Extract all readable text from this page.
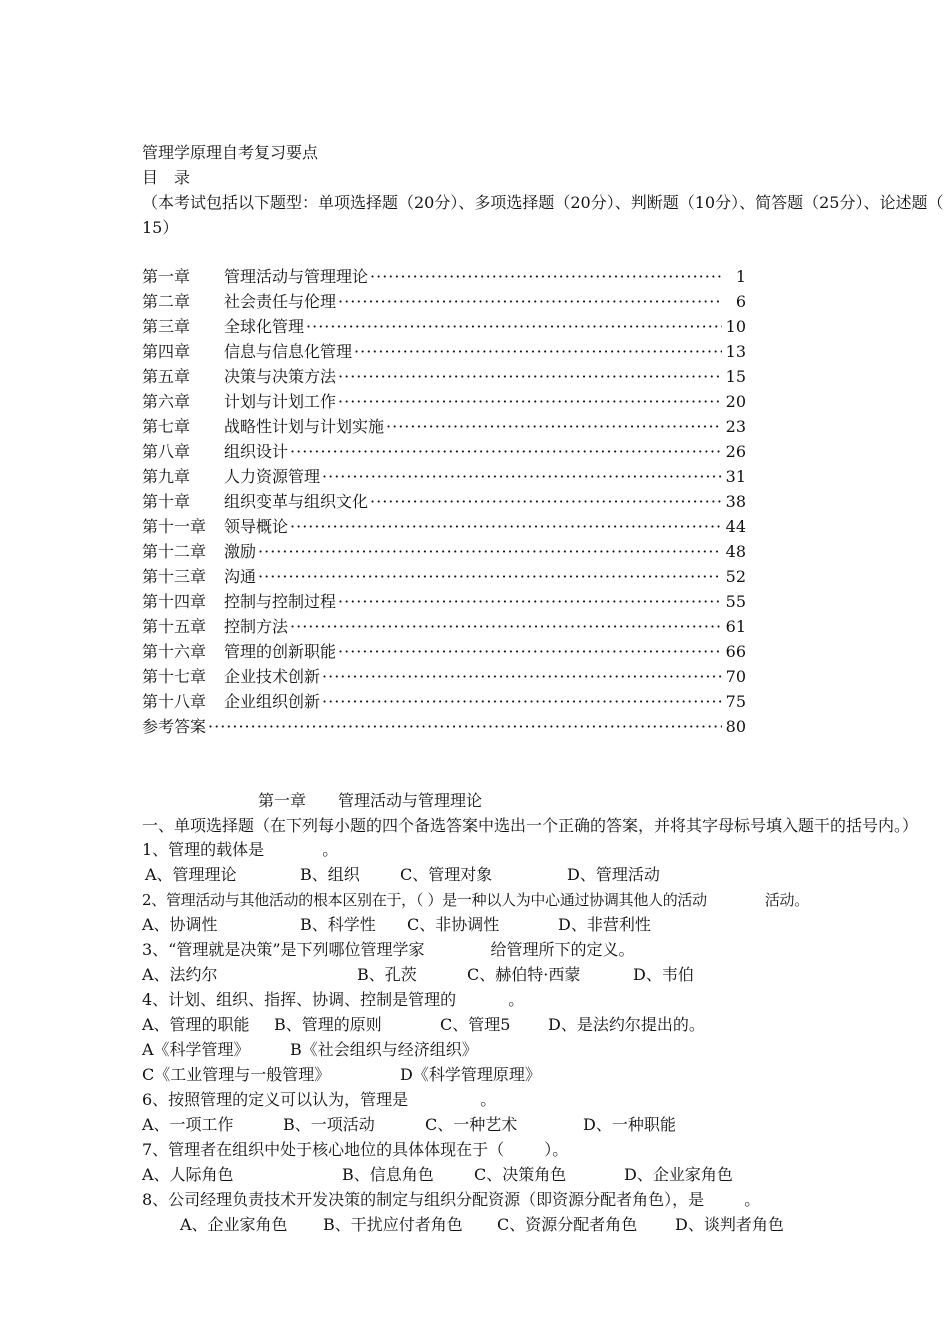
管理学原理自考复习要点
目　录
（本考试包括以下题型：单项选择题（20分）、多项选择题（20分）、判断题（10分）、简答题（25分）、论述题（
15）
第一章	管理活动与管理理论 ·····	1
第二章	社会责任与伦理 ·····	6
第三章	全球化管理 ·····	10
第四章	信息与信息化管理 ·····	13
第五章	决策与决策方法 ·····	15
第六章	计划与计划工作 ·····	20
第七章	战略性计划与计划实施 ·····	23
第八章	组织设计 ·····	26
第九章	人力资源管理 ·····	31
第十章	组织变革与组织文化 ·····	38
第十一章	领导概论 ·····	44
第十二章	激励 ·····	48
第十三章	沟通 ·····	52
第十四章	控制与控制过程 ·····	55
第十五章	控制方法 ·····	61
第十六章	管理的创新职能 ·····	66
第十七章	企业技术创新 ·····	70
第十八章	企业组织创新 ·····	75
参考答案 ·····	80
第一章　　管理活动与管理理论
一、单项选择题（在下列每小题的四个备选答案中选出一个正确的答案，并将其字母标号填入题干的括号内。）
1、管理的载体是	。
A、管理理论	B、组织	C、管理对象	D、管理活动
2、管理活动与其他活动的根本区别在于，（ ）是一种以人为中心通过协调其他人的活动	活动。
A、协调性	B、科学性 C、非协调性	D、非营利性
3、“管理就是决策”是下列哪位管理学家	给管理所下的定义。
A、法约尔	B、孔茨	C、赫伯特·西蒙	D、韦伯
4、计划、组织、指挥、协调、控制是管理的	。
A、管理的职能 B、管理的原则	C、管理5 D、是法约尔提出的。
A《科学管理》	B《社会组织与经济组织》
C《工业管理与一般管理》	D《科学管理原理》
6、按照管理的定义可以认为，管理是	。
A、一项工作	B、一项活动	C、一种艺术	D、一种职能
7、管理者在组织中处于核心地位的具体体现在于（	）。
A、人际角色	B、信息角色	C、决策角色	D、企业家角色
8、公司经理负责技术开发决策的制定与组织分配资源（即资源分配者角色），是	。
A、企业家角色 B、干扰应付者角色 C、资源分配者角色 D、谈判者角色
